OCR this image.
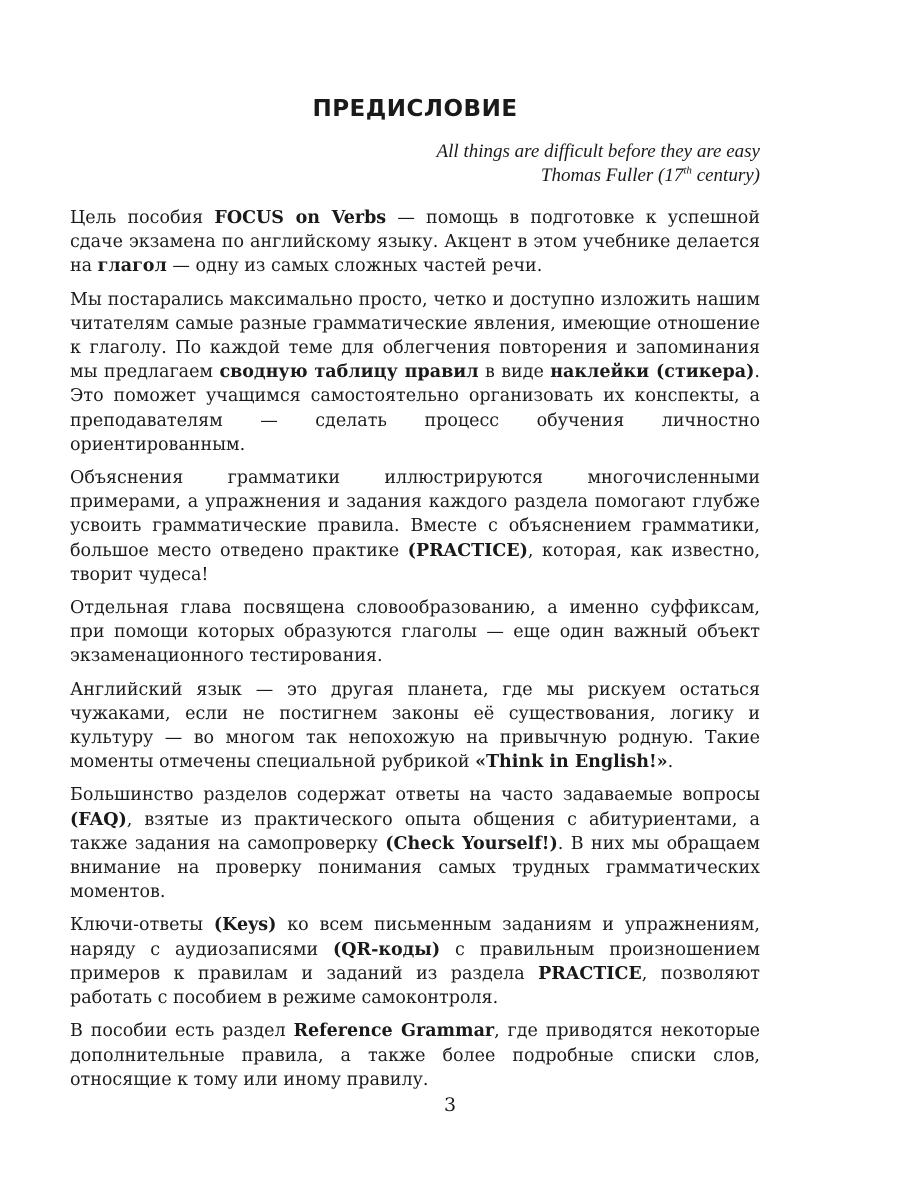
ПРЕДИСЛОВИЕ
All things are difficult before they are easy
Thomas Fuller (17th century)

Цель пособия FOCUS on Verbs — помощь в подготовке к успешной сдаче экзамена по английскому языку. Акцент в этом учебнике делается на глагол — одну из самых сложных частей речи.

Мы постарались максимально просто, четко и доступно изложить нашим читателям самые разные грамматические явления, имеющие отношение к глаголу. По каждой теме для облегчения повторения и запоминания мы предлагаем сводную таблицу правил в виде наклейки (стикера). Это поможет учащимся самостоятельно организовать их конспекты, а преподавателям — сделать процесс обучения личностно ориентированным.

Объяснения грамматики иллюстрируются многочисленными примерами, а упражнения и задания каждого раздела помогают глубже усвоить грамматические правила. Вместе с объяснением грамматики, большое место отведено практике (PRACTICE), которая, как известно, творит чудеса!

Отдельная глава посвящена словообразованию, а именно суффиксам, при помощи которых образуются глаголы — еще один важный объект экзаменационного тестирования.

Английский язык — это другая планета, где мы рискуем остаться чужаками, если не постигнем законы её существования, логику и культуру — во многом так непохожую на привычную родную. Такие моменты отмечены специальной рубрикой «Think in English!».

Большинство разделов содержат ответы на часто задаваемые вопросы (FAQ), взятые из практического опыта общения с абитуриентами, а также задания на самопроверку (Check Yourself!). В них мы обращаем внимание на проверку понимания самых трудных грамматических моментов.

Ключи-ответы (Keys) ко всем письменным заданиям и упражнениям, наряду с аудиозаписями (QR-коды) с правильным произношением примеров к правилам и заданий из раздела PRACTICE, позволяют работать с пособием в режиме самоконтроля.

В пособии есть раздел Reference Grammar, где приводятся некоторые дополнительные правила, а также более подробные списки слов, относящие к тому или иному правилу.

3
